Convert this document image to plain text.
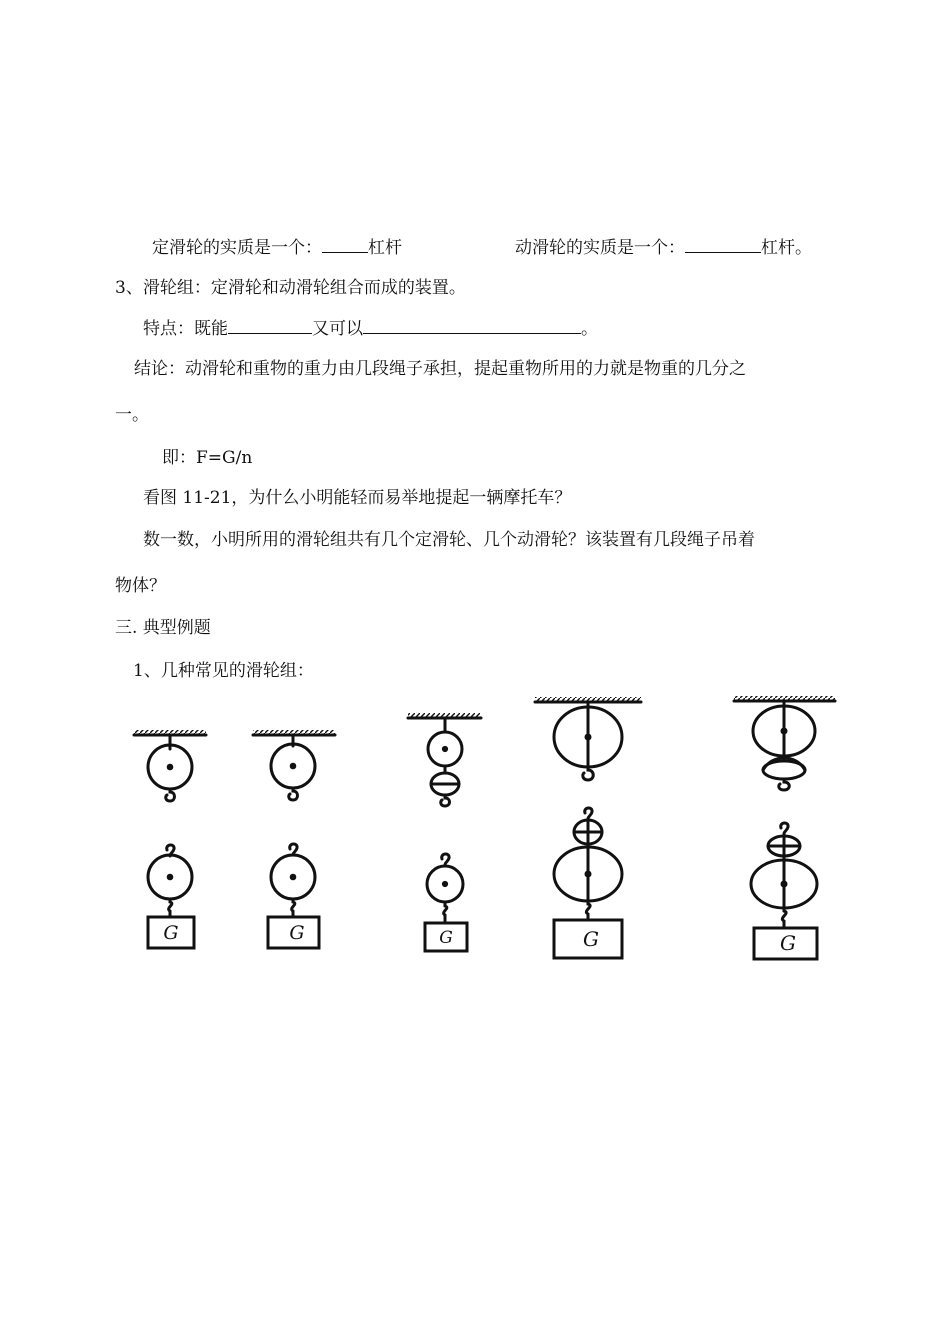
定滑轮的实质是一个：	杠杆	动滑轮的实质是一个：	杠杆。
3、滑轮组：定滑轮和动滑轮组合而成的装置。
特点：既能	又可以	。
结论：动滑轮和重物的重力由几段绳子承担，提起重物所用的力就是物重的几分之
一。
即：F=G/n
看图 11-21，为什么小明能轻而易举地提起一辆摩托车？
数一数，小明所用的滑轮组共有几个定滑轮、几个动滑轮？该装置有几段绳子吊着
物体？
三. 典型例题
1、几种常见的滑轮组：
G	G	G	G	G
